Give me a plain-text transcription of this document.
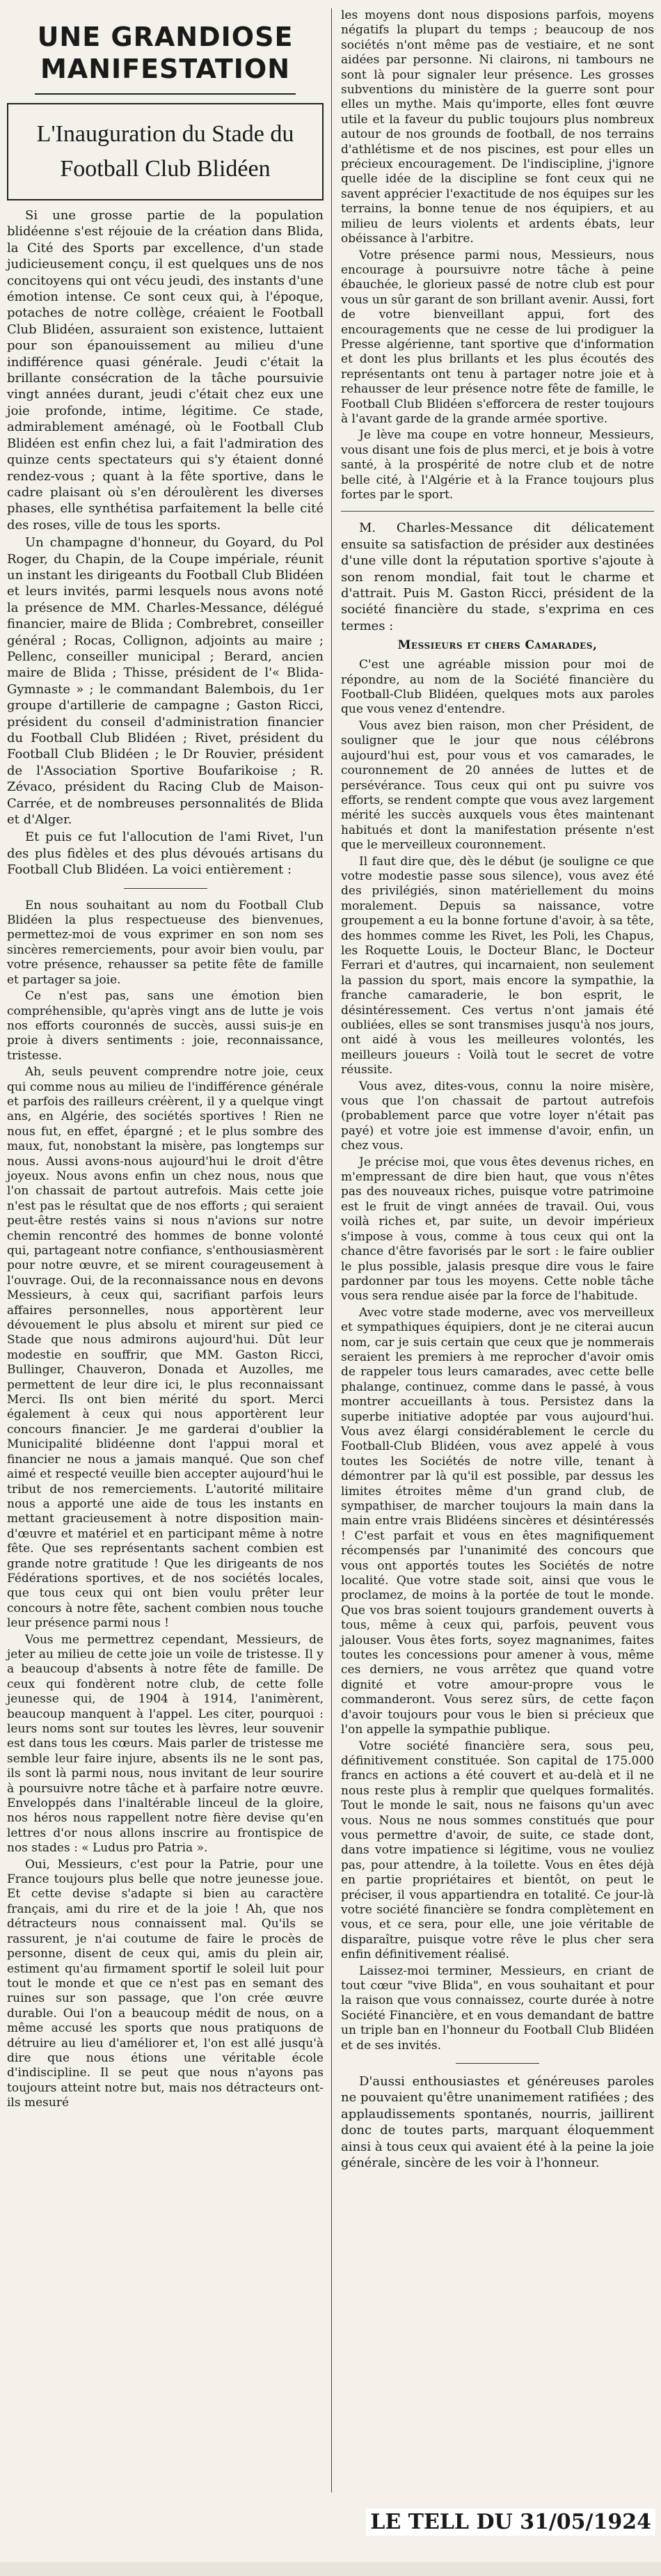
UNE GRANDIOSE MANIFESTATION
L'Inauguration du Stade du Football Club Blidéen

Si une grosse partie de la population blidéenne s'est réjouie de la création dans Blida, la Cité des Sports par excellence, d'un stade judicieusement conçu, il est quelques uns de nos concitoyens qui ont vécu jeudi, des instants d'une émotion intense. Ce sont ceux qui, à l'époque, potaches de notre collège, créaient le Football Club Blidéen, assuraient son existence, luttaient pour son épanouissement au milieu d'une indifférence quasi générale. Jeudi c'était la brillante consécration de la tâche poursuivie vingt années durant, jeudi c'était chez eux une joie profonde, intime, légitime. Ce stade, admirablement aménagé, où le Football Club Blidéen est enfin chez lui, a fait l'admiration des quinze cents spectateurs qui s'y étaient donné rendez-vous ; quant à la fête sportive, dans le cadre plaisant où s'en déroulèrent les diverses phases, elle synthétisa parfaitement la belle cité des roses, ville de tous les sports.

Un champagne d'honneur, du Goyard, du Pol Roger, du Chapin, de la Coupe impériale, réunit un instant les dirigeants du Football Club Blidéen et leurs invités, parmi lesquels nous avons noté la présence de MM. Charles-Messance, délégué financier, maire de Blida ; Combrebret, conseiller général ; Rocas, Collignon, adjoints au maire ; Pellenc, conseiller municipal ; Berard, ancien maire de Blida ; Thisse, président de l'« Blida-Gymnaste » ; le commandant Balembois, du 1er groupe d'artillerie de campagne ; Gaston Ricci, président du conseil d'administration financier du Football Club Blidéen ; Rivet, président du Football Club Blidéen ; le Dr Rouvier, président de l'Association Sportive Boufarikoise ; R. Zévaco, président du Racing Club de Maison-Carrée, et de nombreuses personnalités de Blida et d'Alger.

Et puis ce fut l'allocution de l'ami Rivet, l'un des plus fidèles et des plus dévoués artisans du Football Club Blidéen. La voici entièrement :

En nous souhaitant au nom du Football Club Blidéen la plus respectueuse des bienvenues, permettez-moi de vous exprimer en son nom ses sincères remerciements, pour avoir bien voulu, par votre présence, rehausser sa petite fête de famille et partager sa joie.

Ce n'est pas, sans une émotion bien compréhensible, qu'après vingt ans de lutte je vois nos efforts couronnés de succès, aussi suis-je en proie à divers sentiments : joie, reconnaissance, tristesse.

Ah, seuls peuvent comprendre notre joie, ceux qui comme nous au milieu de l'indifférence générale et parfois des railleurs créèrent, il y a quelque vingt ans, en Algérie, des sociétés sportives ! Rien ne nous fut, en effet, épargné ; et le plus sombre des maux, fut, nonobstant la misère, pas longtemps sur nous. Aussi avons-nous aujourd'hui le droit d'être joyeux. Nous avons enfin un chez nous, nous que l'on chassait de partout autrefois. Mais cette joie n'est pas le résultat que de nos efforts ; qui seraient peut-être restés vains si nous n'avions sur notre chemin rencontré des hommes de bonne volonté qui, partageant notre confiance, s'enthousiasmèrent pour notre œuvre, et se mirent courageusement à l'ouvrage. Oui, de la reconnaissance nous en devons Messieurs, à ceux qui, sacrifiant parfois leurs affaires personnelles, nous apportèrent leur dévouement le plus absolu et mirent sur pied ce Stade que nous admirons aujourd'hui. Dût leur modestie en souffrir, que MM. Gaston Ricci, Bullinger, Chauveron, Donada et Auzolles, me permettent de leur dire ici, le plus reconnaissant Merci. Ils ont bien mérité du sport. Merci également à ceux qui nous apportèrent leur concours financier. Je me garderai d'oublier la Municipalité blidéenne dont l'appui moral et financier ne nous a jamais manqué. Que son chef aimé et respecté veuille bien accepter aujourd'hui le tribut de nos remerciements. L'autorité militaire nous a apporté une aide de tous les instants en mettant gracieusement à notre disposition main-d'œuvre et matériel et en participant même à notre fête. Que ses représentants sachent combien est grande notre gratitude ! Que les dirigeants de nos Fédérations sportives, et de nos sociétés locales, que tous ceux qui ont bien voulu prêter leur concours à notre fête, sachent combien nous touche leur présence parmi nous !

Vous me permettrez cependant, Messieurs, de jeter au milieu de cette joie un voile de tristesse. Il y a beaucoup d'absents à notre fête de famille. De ceux qui fondèrent notre club, de cette folle jeunesse qui, de 1904 à 1914, l'animèrent, beaucoup manquent à l'appel. Les citer, pourquoi : leurs noms sont sur toutes les lèvres, leur souvenir est dans tous les cœurs. Mais parler de tristesse me semble leur faire injure, absents ils ne le sont pas, ils sont là parmi nous, nous invitant de leur sourire à poursuivre notre tâche et à parfaire notre œuvre. Enveloppés dans l'inaltérable linceul de la gloire, nos héros nous rappellent notre fière devise qu'en lettres d'or nous allons inscrire au frontispice de nos stades : « Ludus pro Patria ».

Oui, Messieurs, c'est pour la Patrie, pour une France toujours plus belle que notre jeunesse joue. Et cette devise s'adapte si bien au caractère français, ami du rire et de la joie ! Ah, que nos détracteurs nous connaissent mal. Qu'ils se rassurent, je n'ai coutume de faire le procès de personne, disent de ceux qui, amis du plein air, estiment qu'au firmament sportif le soleil luit pour tout le monde et que ce n'est pas en semant des ruines sur son passage, que l'on crée œuvre durable. Oui l'on a beaucoup médit de nous, on a même accusé les sports que nous pratiquons de détruire au lieu d'améliorer et, l'on est allé jusqu'à dire que nous étions une véritable école d'indiscipline. Il se peut que nous n'ayons pas toujours atteint notre but, mais nos détracteurs ont-ils mesuré

les moyens dont nous disposions parfois, moyens négatifs la plupart du temps ; beaucoup de nos sociétés n'ont même pas de vestiaire, et ne sont aidées par personne. Ni clairons, ni tambours ne sont là pour signaler leur présence. Les grosses subventions du ministère de la guerre sont pour elles un mythe. Mais qu'importe, elles font œuvre utile et la faveur du public toujours plus nombreux autour de nos grounds de football, de nos terrains d'athlétisme et de nos piscines, est pour elles un précieux encouragement. De l'indiscipline, j'ignore quelle idée de la discipline se font ceux qui ne savent apprécier l'exactitude de nos équipes sur les terrains, la bonne tenue de nos équipiers, et au milieu de leurs violents et ardents ébats, leur obéissance à l'arbitre.

Votre présence parmi nous, Messieurs, nous encourage à poursuivre notre tâche à peine ébauchée, le glorieux passé de notre club est pour vous un sûr garant de son brillant avenir. Aussi, fort de votre bienveillant appui, fort des encouragements que ne cesse de lui prodiguer la Presse algérienne, tant sportive que d'information et dont les plus brillants et les plus écoutés des représentants ont tenu à partager notre joie et à rehausser de leur présence notre fête de famille, le Football Club Blidéen s'efforcera de rester toujours à l'avant garde de la grande armée sportive.

Je lève ma coupe en votre honneur, Messieurs, vous disant une fois de plus merci, et je bois à votre santé, à la prospérité de notre club et de notre belle cité, à l'Algérie et à la France toujours plus fortes par le sport.

M. Charles-Messance dit délicatement ensuite sa satisfaction de présider aux destinées d'une ville dont la réputation sportive s'ajoute à son renom mondial, fait tout le charme et d'attrait. Puis M. Gaston Ricci, président de la société financière du stade, s'exprima en ces termes :

Messieurs et chers Camarades,

C'est une agréable mission pour moi de répondre, au nom de la Société financière du Football-Club Blidéen, quelques mots aux paroles que vous venez d'entendre.

Vous avez bien raison, mon cher Président, de souligner que le jour que nous célébrons aujourd'hui est, pour vous et vos camarades, le couronnement de 20 années de luttes et de persévérance. Tous ceux qui ont pu suivre vos efforts, se rendent compte que vous avez largement mérité les succès auxquels vous êtes maintenant habitués et dont la manifestation présente n'est que le merveilleux couronnement.

Il faut dire que, dès le début (je souligne ce que votre modestie passe sous silence), vous avez été des privilégiés, sinon matériellement du moins moralement. Depuis sa naissance, votre groupement a eu la bonne fortune d'avoir, à sa tête, des hommes comme les Rivet, les Poli, les Chapus, les Roquette Louis, le Docteur Blanc, le Docteur Ferrari et d'autres, qui incarnaient, non seulement la passion du sport, mais encore la sympathie, la franche camaraderie, le bon esprit, le désintéressement. Ces vertus n'ont jamais été oubliées, elles se sont transmises jusqu'à nos jours, ont aidé à vous les meilleures volontés, les meilleurs joueurs : Voilà tout le secret de votre réussite.

Vous avez, dites-vous, connu la noire misère, vous que l'on chassait de partout autrefois (probablement parce que votre loyer n'était pas payé) et votre joie est immense d'avoir, enfin, un chez vous.

Je précise moi, que vous êtes devenus riches, en m'empressant de dire bien haut, que vous n'êtes pas des nouveaux riches, puisque votre patrimoine est le fruit de vingt années de travail. Oui, vous voilà riches et, par suite, un devoir impérieux s'impose à vous, comme à tous ceux qui ont la chance d'être favorisés par le sort : le faire oublier le plus possible, jalasis presque dire vous le faire pardonner par tous les moyens. Cette noble tâche vous sera rendue aisée par la force de l'habitude.

Avec votre stade moderne, avec vos merveilleux et sympathiques équipiers, dont je ne citerai aucun nom, car je suis certain que ceux que je nommerais seraient les premiers à me reprocher d'avoir omis de rappeler tous leurs camarades, avec cette belle phalange, continuez, comme dans le passé, à vous montrer accueillants à tous. Persistez dans la superbe initiative adoptée par vous aujourd'hui. Vous avez élargi considérablement le cercle du Football-Club Blidéen, vous avez appelé à vous toutes les Sociétés de notre ville, tenant à démontrer par là qu'il est possible, par dessus les limites étroites même d'un grand club, de sympathiser, de marcher toujours la main dans la main entre vrais Blidéens sincères et désintéressés ! C'est parfait et vous en êtes magnifiquement récompensés par l'unanimité des concours que vous ont apportés toutes les Sociétés de notre localité. Que votre stade soit, ainsi que vous le proclamez, de moins à la portée de tout le monde. Que vos bras soient toujours grandement ouverts à tous, même à ceux qui, parfois, peuvent vous jalouser. Vous êtes forts, soyez magnanimes, faites toutes les concessions pour amener à vous, même ces derniers, ne vous arrêtez que quand votre dignité et votre amour-propre vous le commanderont. Vous serez sûrs, de cette façon d'avoir toujours pour vous le bien si précieux que l'on appelle la sympathie publique.

Votre société financière sera, sous peu, définitivement constituée. Son capital de 175.000 francs en actions a été couvert et au-delà et il ne nous reste plus à remplir que quelques formalités. Tout le monde le sait, nous ne faisons qu'un avec vous. Nous ne nous sommes constitués que pour vous permettre d'avoir, de suite, ce stade dont, dans votre impatience si légitime, vous ne vouliez pas, pour attendre, à la toilette. Vous en êtes déjà en partie propriétaires et bientôt, on peut le préciser, il vous appartiendra en totalité. Ce jour-là votre société financière se fondra complètement en vous, et ce sera, pour elle, une joie véritable de disparaître, puisque votre rêve le plus cher sera enfin définitivement réalisé.

Laissez-moi terminer, Messieurs, en criant de tout cœur "vive Blida", en vous souhaitant et pour la raison que vous connaissez, courte durée à notre Société Financière, et en vous demandant de battre un triple ban en l'honneur du Football Club Blidéen et de ses invités.

D'aussi enthousiastes et généreuses paroles ne pouvaient qu'être unanimement ratifiées ; des applaudissements spontanés, nourris, jaillirent donc de toutes parts, marquant éloquemment ainsi à tous ceux qui avaient été à la peine la joie générale, sincère de les voir à l'honneur.

LE TELL DU 31/05/1924
